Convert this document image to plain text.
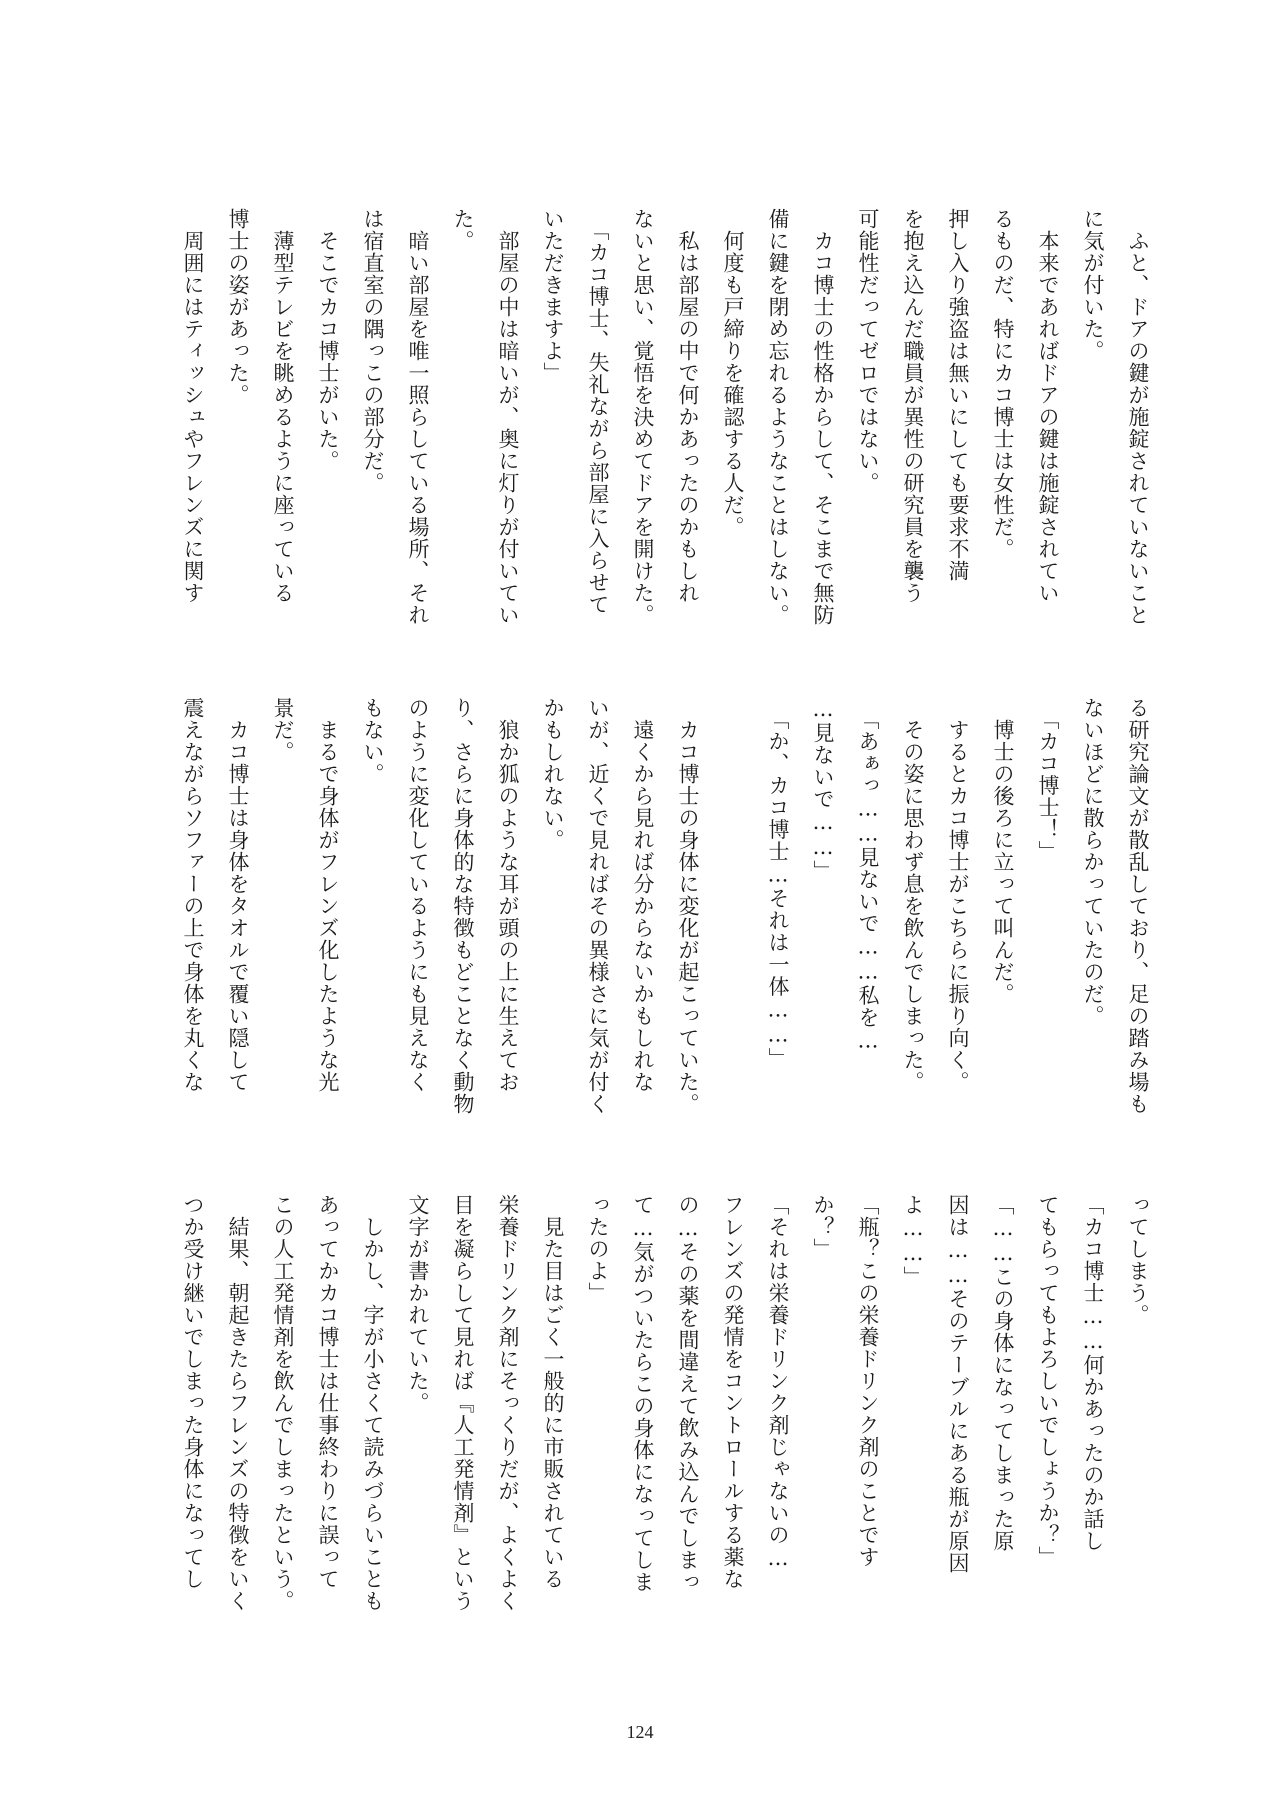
　ふと、ドアの鍵が施錠されていないこと
に気が付いた。
　本来であればドアの鍵は施錠されてい
るものだ、特にカコ博士は女性だ。
押し入り強盗は無いにしても要求不満
を抱え込んだ職員が異性の研究員を襲う
可能性だってゼロではない。
　カコ博士の性格からして、そこまで無防
備に鍵を閉め忘れるようなことはしない。
　何度も戸締りを確認する人だ。
　私は部屋の中で何かあったのかもしれ
ないと思い、覚悟を決めてドアを開けた。
　「カコ博士、失礼ながら部屋に入らせて
いただきますよ」
　部屋の中は暗いが、奥に灯りが付いてい
た。
　暗い部屋を唯一照らしている場所、それ
は宿直室の隅っこの部分だ。
　そこでカコ博士がいた。
　薄型テレビを眺めるように座っている
博士の姿があった。
　周囲にはティッシュやフレンズに関す
る研究論文が散乱しており、足の踏み場も
ないほどに散らかっていたのだ。
　「カコ博士！」
　博士の後ろに立って叫んだ。
　するとカコ博士がこちらに振り向く。
　その姿に思わず息を飲んでしまった。
　「あぁっ……見ないで……私を…
…見ないで……」
　「か、カコ博士…それは一体……」
　カコ博士の身体に変化が起こっていた。
　遠くから見れば分からないかもしれな
いが、近くで見ればその異様さに気が付く
かもしれない。
　狼か狐のような耳が頭の上に生えてお
り、さらに身体的な特徴もどことなく動物
のように変化しているようにも見えなく
もない。
　まるで身体がフレンズ化したような光
景だ。
　カコ博士は身体をタオルで覆い隠して
震えながらソファーの上で身体を丸くな
ってしまう。
「カコ博士……何かあったのか話し
てもらってもよろしいでしょうか？」
「……この身体になってしまった原
因は……そのテーブルにある瓶が原因
よ……」
「瓶？この栄養ドリンク剤のことです
か？」
「それは栄養ドリンク剤じゃないの…
フレンズの発情をコントロールする薬な
の…その薬を間違えて飲み込んでしまっ
て…気がついたらこの身体になってしま
ったのよ」
　見た目はごく一般的に市販されている
栄養ドリンク剤にそっくりだが、よくよく
目を凝らして見れば『人工発情剤』という
文字が書かれていた。
　しかし、字が小さくて読みづらいことも
あってかカコ博士は仕事終わりに誤って
この人工発情剤を飲んでしまったという。
　結果、朝起きたらフレンズの特徴をいく
つか受け継いでしまった身体になってし
124
